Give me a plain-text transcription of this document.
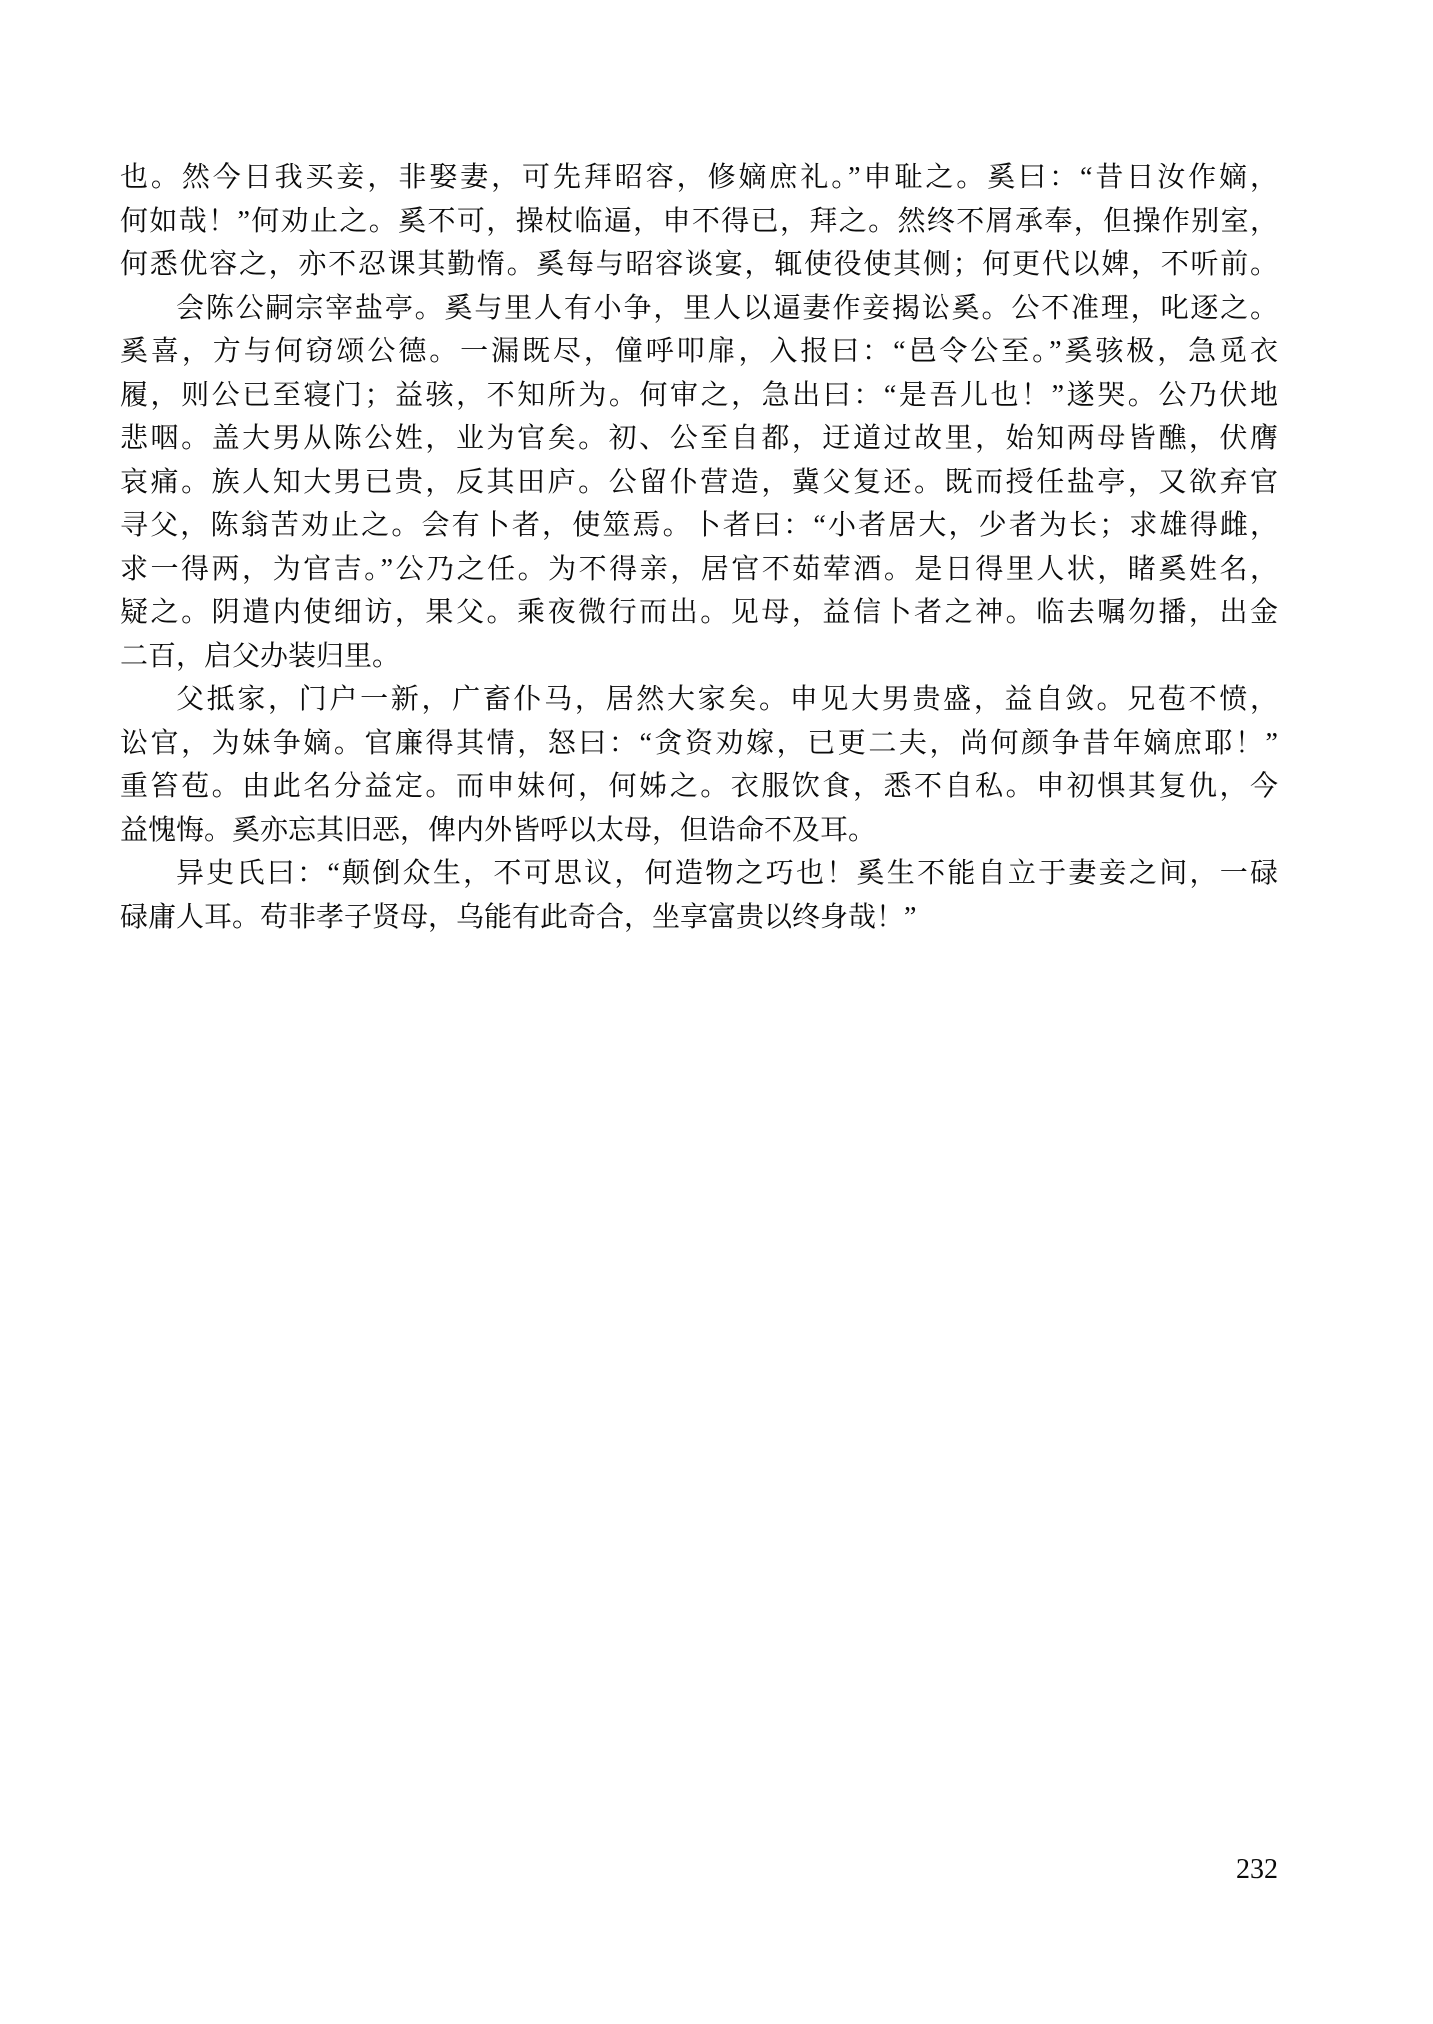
也。然今日我买妾，非娶妻，可先拜昭容，修嫡庶礼。”申耻之。奚曰：“昔日汝作嫡，
何如哉！”何劝止之。奚不可，操杖临逼，申不得已，拜之。然终不屑承奉，但操作别室，
何悉优容之，亦不忍课其勤惰。奚每与昭容谈宴，辄使役使其侧；何更代以婢，不听前。
会陈公嗣宗宰盐亭。奚与里人有小争，里人以逼妻作妾揭讼奚。公不准理，叱逐之。
奚喜，方与何窃颂公德。一漏既尽，僮呼叩扉，入报曰：“邑令公至。”奚骇极，急觅衣
履，则公已至寝门；益骇，不知所为。何审之，急出曰：“是吾儿也！”遂哭。公乃伏地
悲咽。盖大男从陈公姓，业为官矣。初、公至自都，迂道过故里，始知两母皆醮，伏膺
哀痛。族人知大男已贵，反其田庐。公留仆营造，冀父复还。既而授任盐亭，又欲弃官
寻父，陈翁苦劝止之。会有卜者，使筮焉。卜者曰：“小者居大，少者为长；求雄得雌，
求一得两，为官吉。”公乃之任。为不得亲，居官不茹荤酒。是日得里人状，睹奚姓名，
疑之。阴遣内使细访，果父。乘夜微行而出。见母，益信卜者之神。临去嘱勿播，出金
二百，启父办装归里。
父抵家，门户一新，广畜仆马，居然大家矣。申见大男贵盛，益自敛。兄苞不愤，
讼官，为妹争嫡。官廉得其情，怒曰：“贪资劝嫁，已更二夫，尚何颜争昔年嫡庶耶！”
重笞苞。由此名分益定。而申妹何，何姊之。衣服饮食，悉不自私。申初惧其复仇，今
益愧悔。奚亦忘其旧恶，俾内外皆呼以太母，但诰命不及耳。
异史氏曰：“颠倒众生，不可思议，何造物之巧也！奚生不能自立于妻妾之间，一碌
碌庸人耳。苟非孝子贤母，乌能有此奇合，坐享富贵以终身哉！”
232
